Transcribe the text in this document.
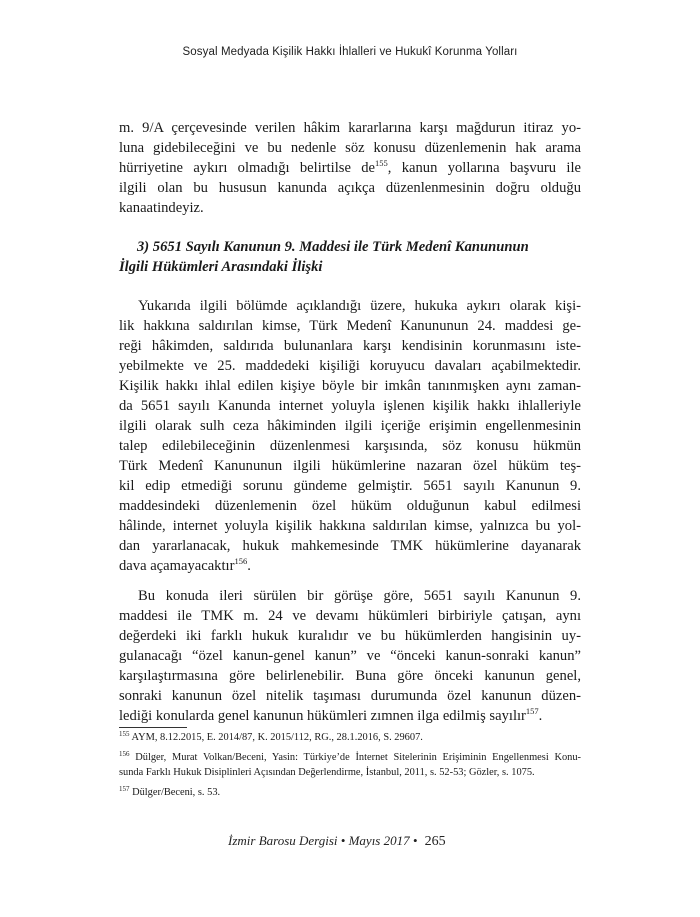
Sosyal Medyada Kişilik Hakkı İhlalleri ve Hukukî Korunma Yolları
m. 9/A çerçevesinde verilen hâkim kararlarına karşı mağdurun itiraz yo-
luna gidebileceğini ve bu nedenle söz konusu düzenlemenin hak arama
hürriyetine aykırı olmadığı belirtilse $de^{155}$, kanun yollarına başvuru ile
ilgili olan bu hususun kanunda açıkça düzenlenmesinin doğru olduğu
kanaatindeyiz.
3) 5651 Sayılı Kanunun 9. Maddesi ile Türk Medenî Kanununun
İlgili Hükümleri Arasındaki İlişki
Yukarıda ilgili bölümde açıklandığı üzere, hukuka aykırı olarak kişi-
lik hakkına saldırılan kimse, Türk Medenî Kanununun 24. maddesi ge-
reği hâkimden, saldırıda bulunanlara karşı kendisinin korunmasını iste-
yebilmekte ve 25. maddedeki kişiliği koruyucu davaları açabilmektedir.
Kişilik hakkı ihlal edilen kişiye böyle bir imkân tanınmışken aynı zaman-
da 5651 sayılı Kanunda internet yoluyla işlenen kişilik hakkı ihlalleriyle
ilgili olarak sulh ceza hâkiminden ilgili içeriğe erişimin engellenmesinin
talep edilebileceğinin düzenlenmesi karşısında, söz konusu hükmün
Türk Medenî Kanununun ilgili hükümlerine nazaran özel hüküm teş-
kil edip etmediği sorunu gündeme gelmiştir. 5651 sayılı Kanunun 9.
maddesindeki düzenlemenin özel hüküm olduğunun kabul edilmesi
hâlinde, internet yoluyla kişilik hakkına saldırılan kimse, yalnızca bu yol-
dan yararlanacak, hukuk mahkemesinde TMK hükümlerine dayanarak
dava açamayacaktır$^{156}$.
Bu konuda ileri sürülen bir görüşe göre, 5651 sayılı Kanunun 9.
maddesi ile TMK m. 24 ve devamı hükümleri birbiriyle çatışan, aynı
değerdeki iki farklı hukuk kuralıdır ve bu hükümlerden hangisinin uy-
gulanacağı “özel kanun-genel kanun” ve “önceki kanun-sonraki kanun”
karşılaştırmasına göre belirlenebilir. Buna göre önceki kanunun genel,
sonraki kanunun özel nitelik taşıması durumunda özel kanunun düzen-
lediği konularda genel kanunun hükümleri zımnen ilga edilmiş sayılır$^{157}$.
$^{155}$ AYM, 8.12.2015, E. 2014/87, K. 2015/112, RG., 28.1.2016, S. 29607.
$^{156}$ Dülger, Murat Volkan/Beceni, Yasin: Türkiye’de İnternet Sitelerinin Erişiminin Engellenmesi Konu-
sunda Farklı Hukuk Disiplinleri Açısından Değerlendirme, İstanbul, 2011, s. 52-53; Gözler, s. 1075.
$^{157}$ Dülger/Beceni, s. 53.
İzmir Barosu Dergisi • Mayıs 2017 • 265
